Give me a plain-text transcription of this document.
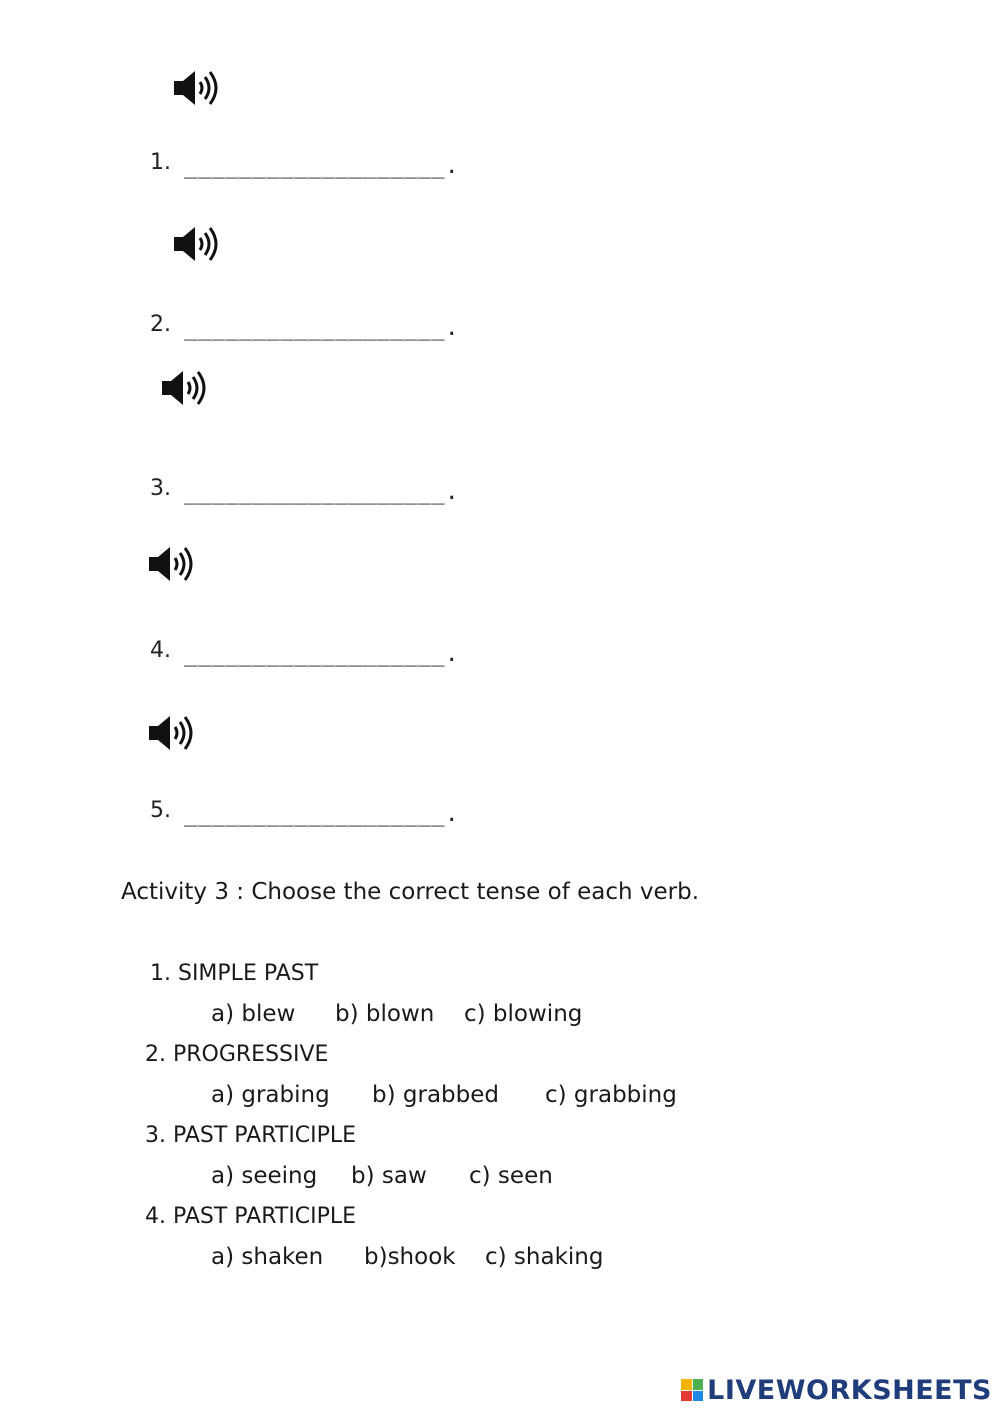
1. ___________________.
2. ___________________.
3. ___________________.
4. ___________________.
5. ___________________.
Activity 3 : Choose the correct tense of each verb.
1. SIMPLE PAST
a) blew b) blown c) blowing
2. PROGRESSIVE
a) grabing b) grabbed c) grabbing
3. PAST PARTICIPLE
a) seeing b) saw c) seen
4. PAST PARTICIPLE
a) shaken b)shook c) shaking
LIVEWORKSHEETS
